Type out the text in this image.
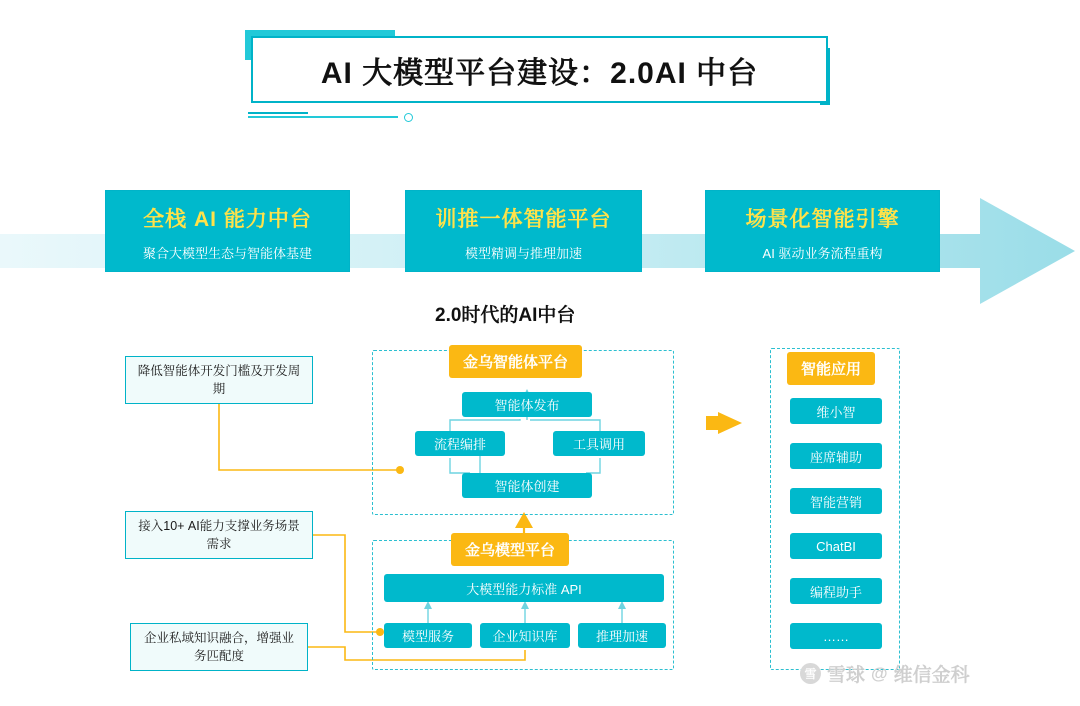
AI 大模型平台建设：2.0AI 中台
全栈 AI 能力中台
聚合大模型生态与智能体基建
训推一体智能平台
模型精调与推理加速
场景化智能引擎
AI 驱动业务流程重构
2.0时代的AI中台
金乌智能体平台
智能体发布
流程编排	工具调用
智能体创建
金乌模型平台
大模型能力标准 API
模型服务	企业知识库	推理加速
智能应用
维小智
座席辅助
智能营销
ChatBI
编程助手
……
降低智能体开发门槛及开发周期
接入10+ AI能力支撑业务场景需求
企业私域知识融合，增强业务匹配度
雪 雪球 @ 维信金科
